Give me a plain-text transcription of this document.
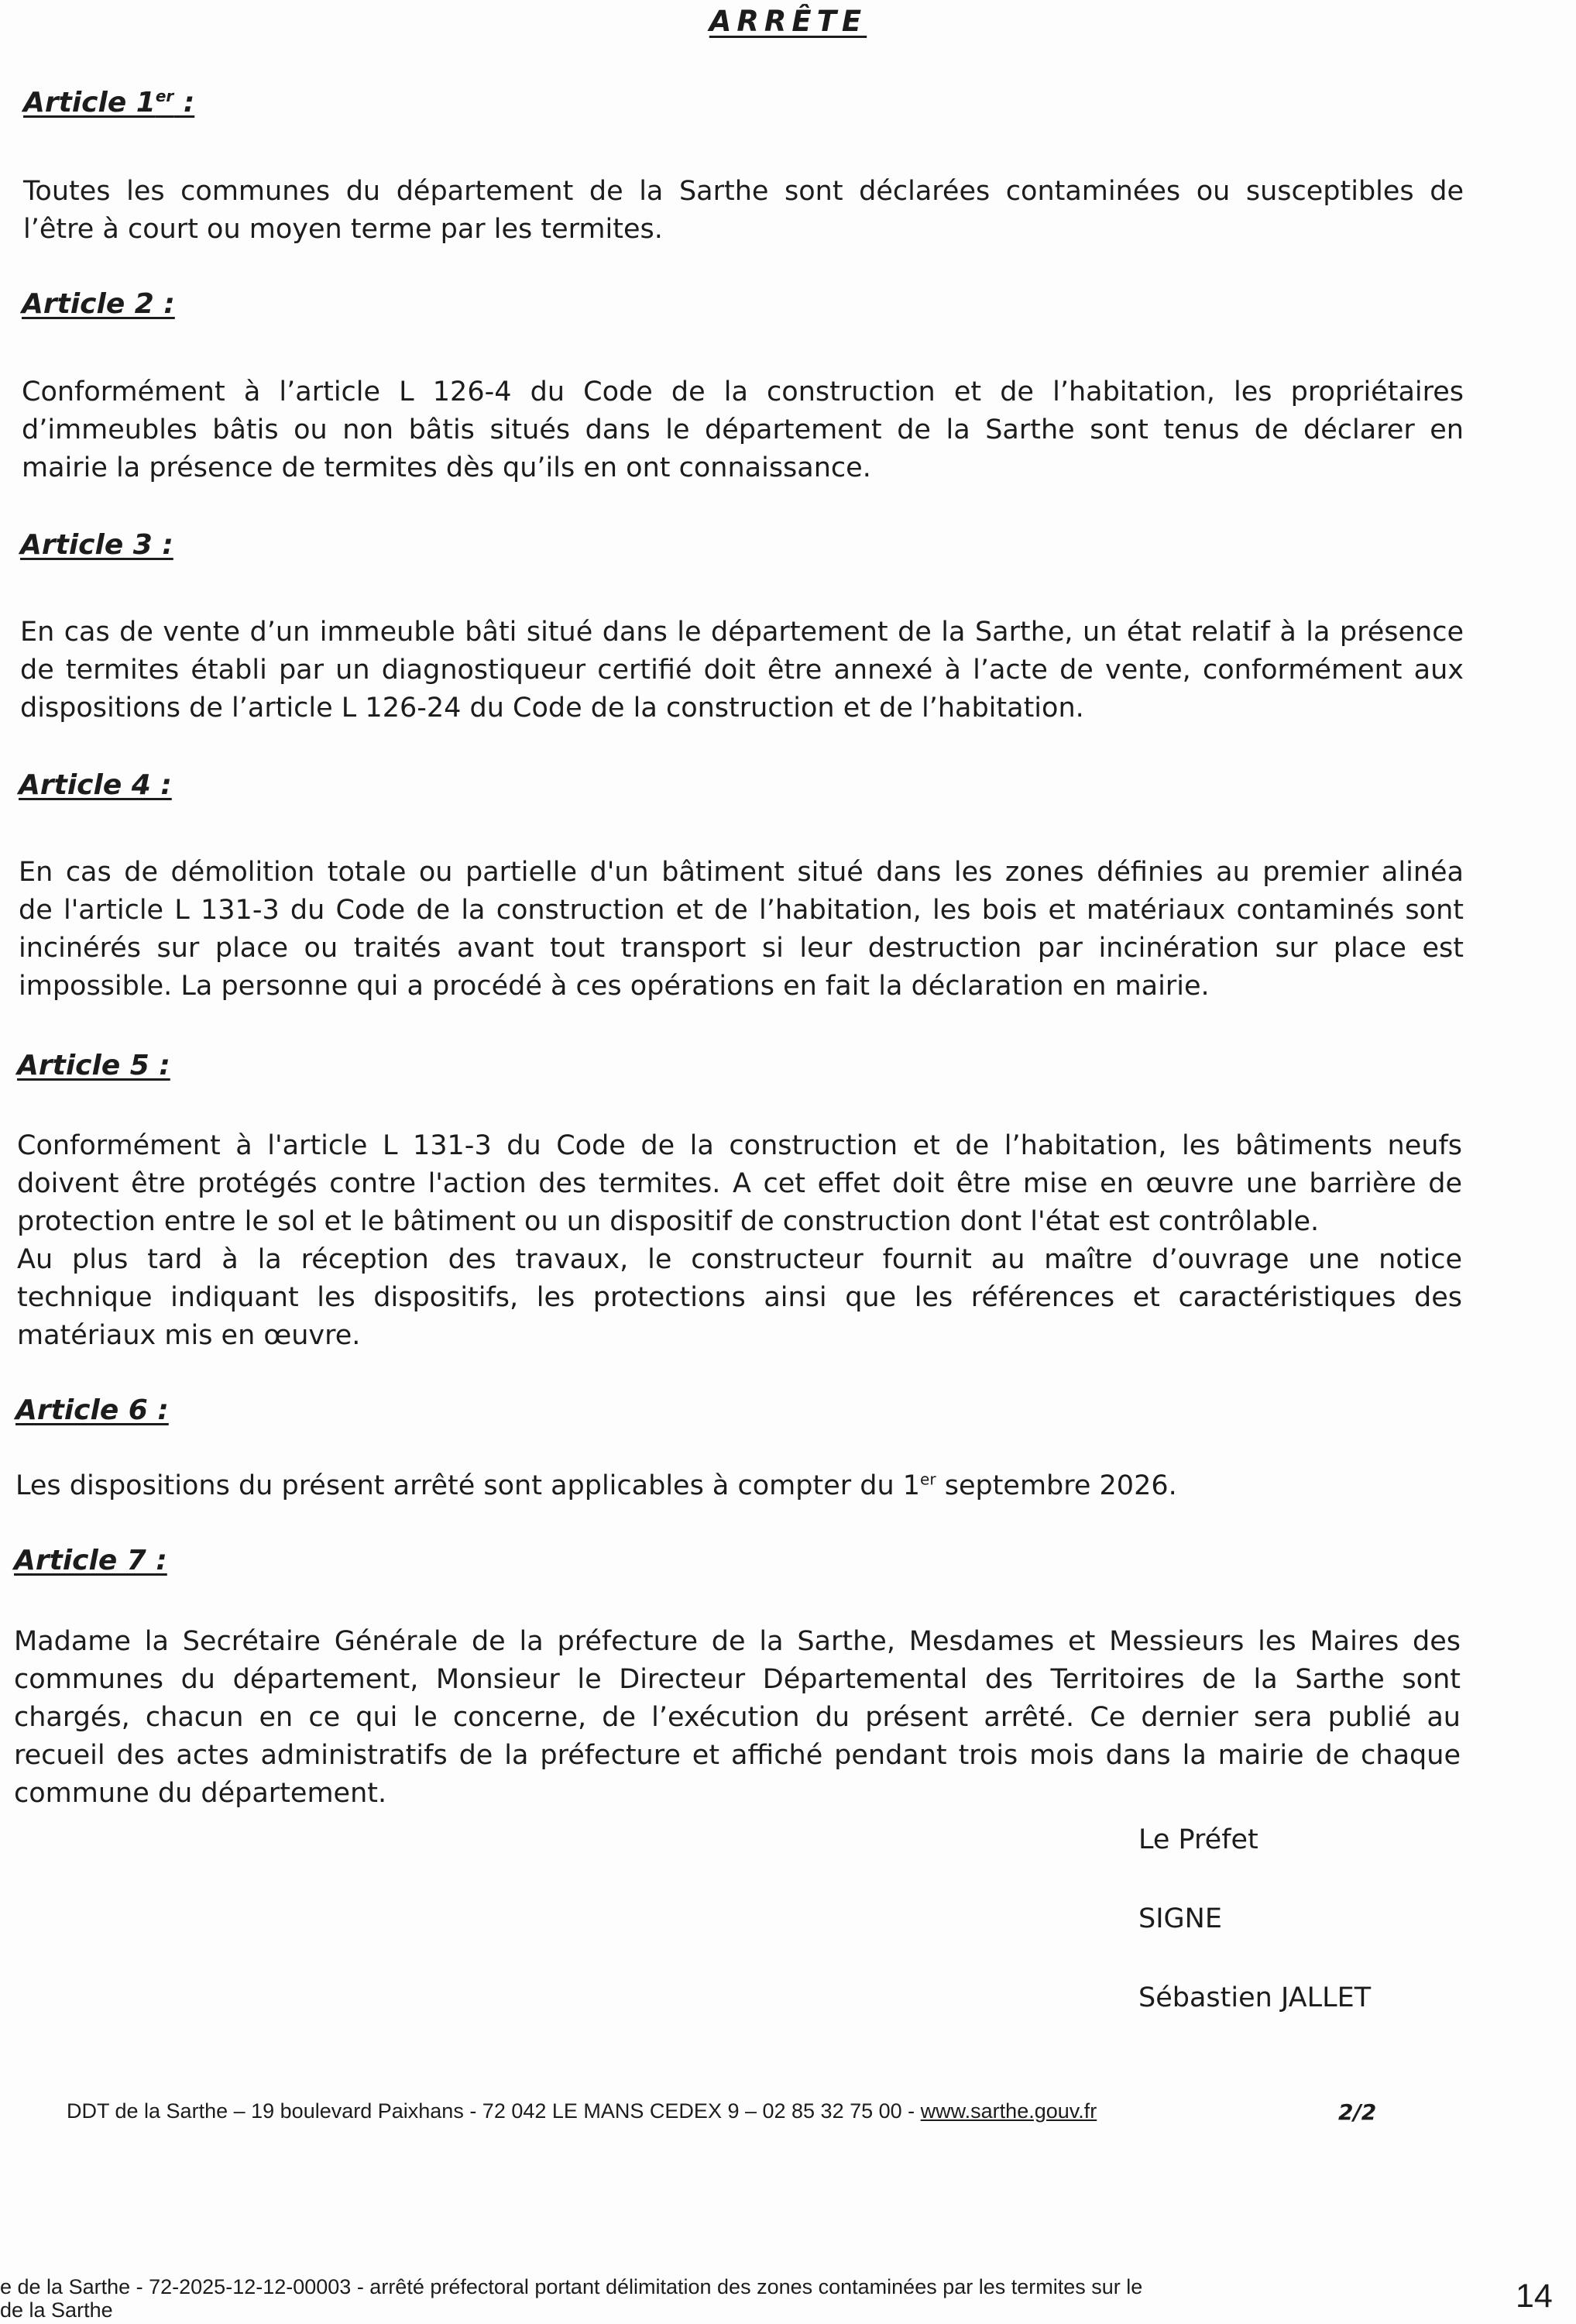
ARRÊTE
Article 1er :
Toutes les communes du département de la Sarthe sont déclarées contaminées ou susceptibles de
l’être à court ou moyen terme par les termites.
Article 2 :
Conformément à l’article L 126-4 du Code de la construction et de l’habitation, les propriétaires
d’immeubles bâtis ou non bâtis situés dans le département de la Sarthe sont tenus de déclarer en
mairie la présence de termites dès qu’ils en ont connaissance.
Article 3 :
En cas de vente d’un immeuble bâti situé dans le département de la Sarthe, un état relatif à la présence
de termites établi par un diagnostiqueur certifié doit être annexé à l’acte de vente, conformément aux
dispositions de l’article L 126-24 du Code de la construction et de l’habitation.
Article 4 :
En cas de démolition totale ou partielle d'un bâtiment situé dans les zones définies au premier alinéa
de l'article L 131-3 du Code de la construction et de l’habitation, les bois et matériaux contaminés sont
incinérés sur place ou traités avant tout transport si leur destruction par incinération sur place est
impossible. La personne qui a procédé à ces opérations en fait la déclaration en mairie.
Article 5 :
Conformément à l'article L 131-3 du Code de la construction et de l’habitation, les bâtiments neufs
doivent être protégés contre l'action des termites. A cet effet doit être mise en œuvre une barrière de
protection entre le sol et le bâtiment ou un dispositif de construction dont l'état est contrôlable.
Au plus tard à la réception des travaux, le constructeur fournit au maître d’ouvrage une notice
technique indiquant les dispositifs, les protections ainsi que les références et caractéristiques des
matériaux mis en œuvre.
Article 6 :
Les dispositions du présent arrêté sont applicables à compter du 1er septembre 2026.
Article 7 :
Madame la Secrétaire Générale de la préfecture de la Sarthe, Mesdames et Messieurs les Maires des
communes du département, Monsieur le Directeur Départemental des Territoires de la Sarthe sont
chargés, chacun en ce qui le concerne, de l’exécution du présent arrêté. Ce dernier sera publié au
recueil des actes administratifs de la préfecture et affiché pendant trois mois dans la mairie de chaque
commune du département.
Le Préfet
SIGNE
Sébastien JALLET
DDT de la Sarthe – 19 boulevard Paixhans - 72 042 LE MANS CEDEX 9 – 02 85 32 75 00 - www.sarthe.gouv.fr	2/2
e de la Sarthe - 72-2025-12-12-00003 - arrêté préfectoral portant délimitation des zones contaminées par les termites sur le
de la Sarthe	14
